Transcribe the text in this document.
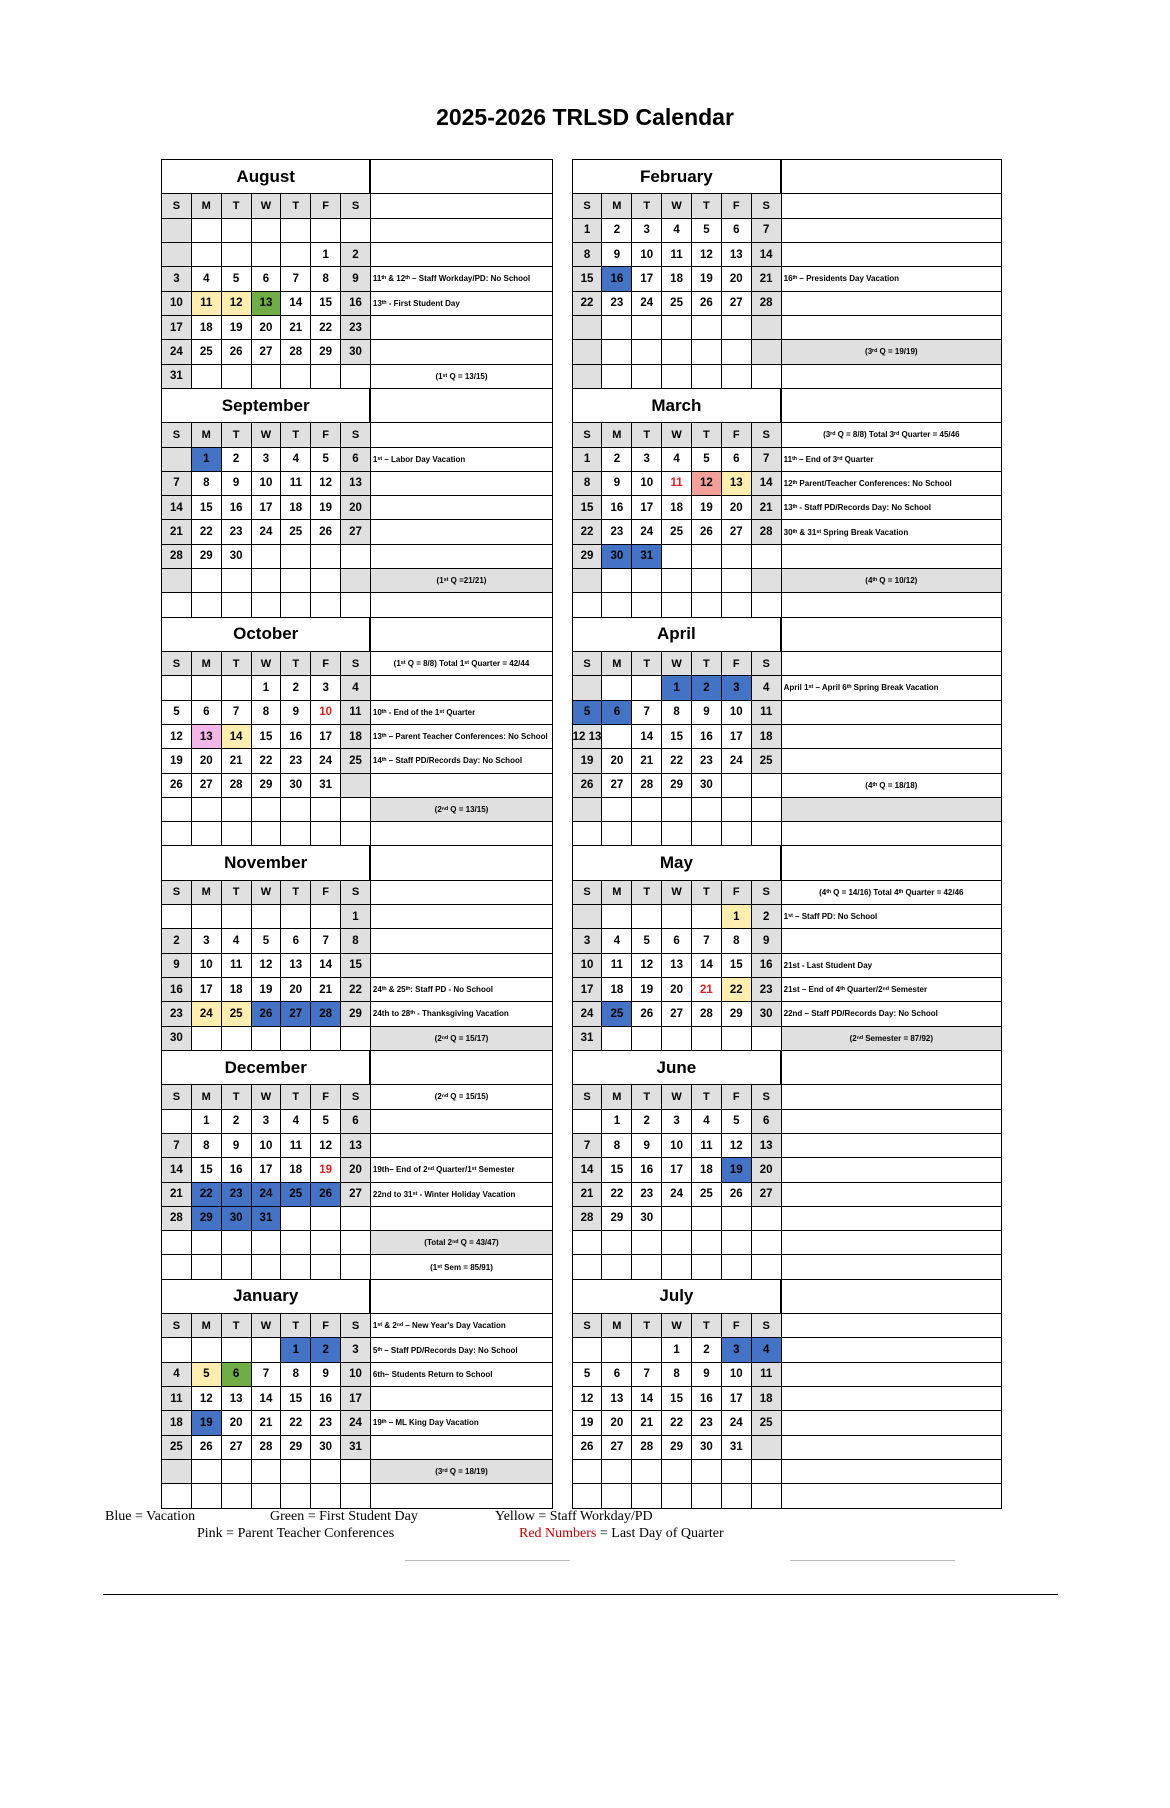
2025-2026 TRLSD Calendar
August									February							
S	M	T	W	T	F	S			S	M	T	W	T	F	S	
									1	2	3	4	5	6	7	
					1	2			8	9	10	11	12	13	14	
3	4	5	6	7	8	9	11ᵗʰ & 12ᵗʰ – Staff Workday/PD: No School		15	16	17	18	19	20	21	16ᵗʰ – Presidents Day Vacation
10	11	12	13	14	15	16	13ᵗʰ - First Student Day		22	23	24	25	26	27	28	
17	18	19	20	21	22	23										
24	25	26	27	28	29	30										(3ʳᵈ Q = 19/19)
31							(1ˢᵗ Q = 13/15)									
September									March							
S	M	T	W	T	F	S			S	M	T	W	T	F	S	(3ʳᵈ Q = 8/8) Total 3ʳᵈ Quarter = 45/46
	1	2	3	4	5	6	1ˢᵗ – Labor Day Vacation		1	2	3	4	5	6	7	11ᵗʰ – End of 3ʳᵈ Quarter
7	8	9	10	11	12	13			8	9	10	11	12	13	14	12ᵗʰ Parent/Teacher Conferences: No School
14	15	16	17	18	19	20			15	16	17	18	19	20	21	13ᵗʰ - Staff PD/Records Day: No School
21	22	23	24	25	26	27			22	23	24	25	26	27	28	30ᵗʰ & 31ˢᵗ Spring Break Vacation
28	29	30							29	30	31					
							(1ˢᵗ Q =21/21)									(4ᵗʰ Q = 10/12)

October									April							
S	M	T	W	T	F	S	(1ˢᵗ Q = 8/8) Total 1ˢᵗ Quarter = 42/44		S	M	T	W	T	F	S	
			1	2	3	4						1	2	3	4	April 1ˢᵗ – April 6ᵗʰ Spring Break Vacation
5	6	7	8	9	10	11	10ᵗʰ - End of the 1ˢᵗ Quarter		5	6	7	8	9	10	11	
12	13	14	15	16	17	18	13ᵗʰ – Parent Teacher Conferences: No School		12 13		14	15	16	17	18	
19	20	21	22	23	24	25	14ᵗʰ – Staff PD/Records Day: No School		19	20	21	22	23	24	25	
26	27	28	29	30	31				26	27	28	29	30			(4ᵗʰ Q = 18/18)
							(2ⁿᵈ Q = 13/15)									

November									May							
S	M	T	W	T	F	S			S	M	T	W	T	F	S	(4ᵗʰ Q = 14/16) Total 4ᵗʰ Quarter = 42/46
						1								1	2	1ˢᵗ – Staff PD: No School
2	3	4	5	6	7	8			3	4	5	6	7	8	9	
9	10	11	12	13	14	15			10	11	12	13	14	15	16	21st - Last Student Day
16	17	18	19	20	21	22	24ᵗʰ & 25ᵗʰ: Staff PD - No School		17	18	19	20	21	22	23	21st – End of 4ᵗʰ Quarter/2ⁿᵈ Semester
23	24	25	26	27	28	29	24th to 28ᵗʰ - Thanksgiving Vacation		24	25	26	27	28	29	30	22nd – Staff PD/Records Day: No School
30							(2ⁿᵈ Q = 15/17)		31							(2ⁿᵈ Semester = 87/92)
December									June							
S	M	T	W	T	F	S	(2ⁿᵈ Q = 15/15)		S	M	T	W	T	F	S	
	1	2	3	4	5	6				1	2	3	4	5	6	
7	8	9	10	11	12	13			7	8	9	10	11	12	13	
14	15	16	17	18	19	20	19th– End of 2ⁿᵈ Quarter/1ˢᵗ Semester		14	15	16	17	18	19	20	
21	22	23	24	25	26	27	22nd to 31ˢᵗ - Winter Holiday Vacation		21	22	23	24	25	26	27	
28	29	30	31						28	29	30					
							(Total 2ⁿᵈ Q = 43/47)									
							(1ˢᵗ Sem = 85/91)									
January									July							
S	M	T	W	T	F	S	1ˢᵗ & 2ⁿᵈ – New Year's Day Vacation		S	M	T	W	T	F	S	
				1	2	3	5ᵗʰ – Staff PD/Records Day: No School					1	2	3	4	
4	5	6	7	8	9	10	6th– Students Return to School		5	6	7	8	9	10	11	
11	12	13	14	15	16	17			12	13	14	15	16	17	18	
18	19	20	21	22	23	24	19ᵗʰ – ML King Day Vacation		19	20	21	22	23	24	25	
25	26	27	28	29	30	31			26	27	28	29	30	31		
							(3ʳᵈ Q = 18/19)									

Blue = Vacation	Green = First Student Day	Yellow = Staff Workday/PD
Pink = Parent Teacher Conferences	Red Numbers = Last Day of Quarter
